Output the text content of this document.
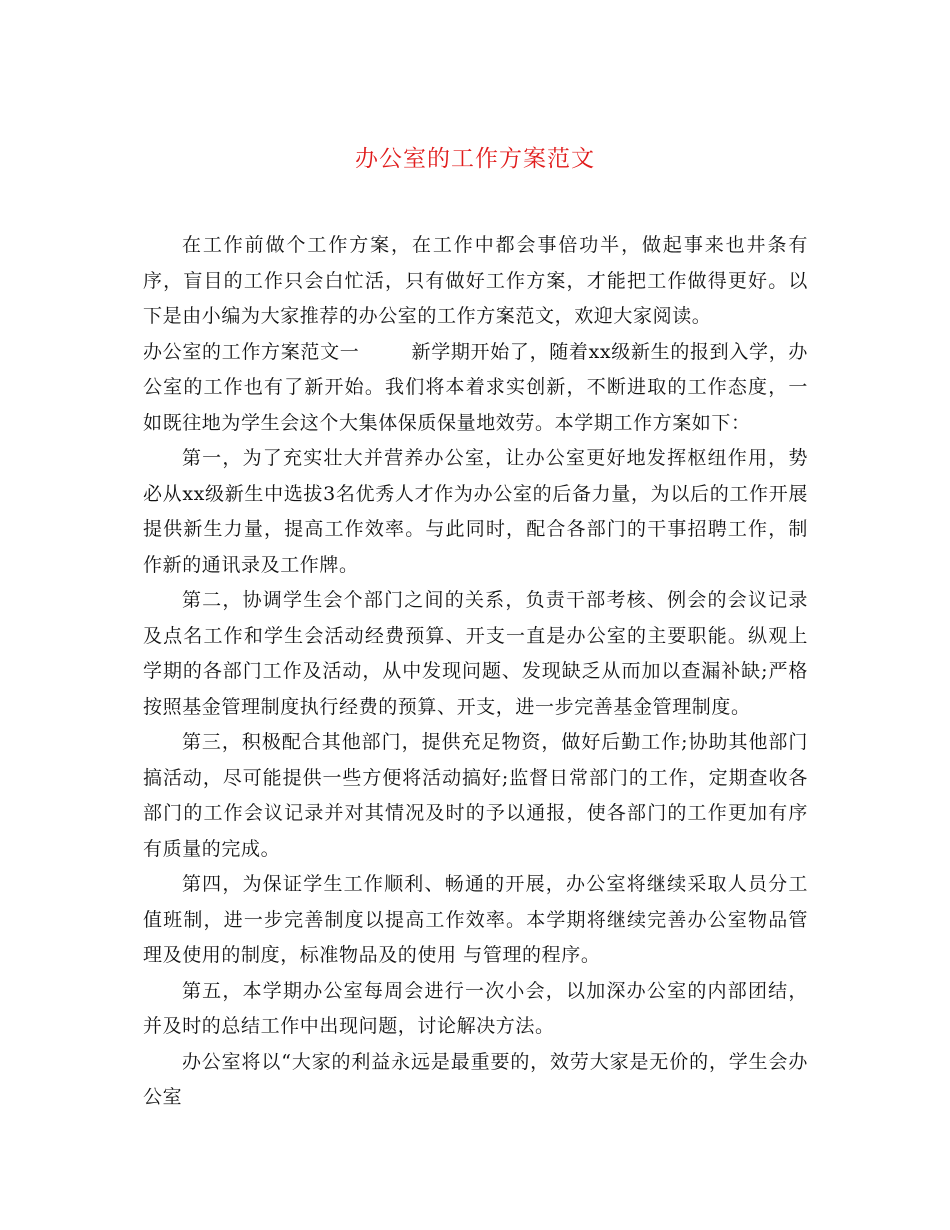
办公室的工作方案范文

在工作前做个工作方案，在工作中都会事倍功半，做起事来也井条有序，盲目的工作只会白忙活，只有做好工作方案，才能把工作做得更好。以下是由小编为大家推荐的办公室的工作方案范文，欢迎大家阅读。

办公室的工作方案范文一	新学期开始了，随着xx级新生的报到入学，办公室的工作也有了新开始。我们将本着求实创新，不断进取的工作态度，一如既往地为学生会这个大集体保质保量地效劳。本学期工作方案如下：

第一，为了充实壮大并营养办公室，让办公室更好地发挥枢纽作用，势必从xx级新生中选拔3名优秀人才作为办公室的后备力量，为以后的工作开展提供新生力量，提高工作效率。与此同时，配合各部门的干事招聘工作，制作新的通讯录及工作牌。

第二，协调学生会个部门之间的关系，负责干部考核、例会的会议记录及点名工作和学生会活动经费预算、开支一直是办公室的主要职能。纵观上学期的各部门工作及活动，从中发现问题、发现缺乏从而加以查漏补缺;严格按照基金管理制度执行经费的预算、开支，进一步完善基金管理制度。

第三，积极配合其他部门，提供充足物资，做好后勤工作;协助其他部门搞活动，尽可能提供一些方便将活动搞好;监督日常部门的工作，定期查收各部门的工作会议记录并对其情况及时的予以通报，使各部门的工作更加有序有质量的完成。

第四，为保证学生工作顺利、畅通的开展，办公室将继续采取人员分工值班制，进一步完善制度以提高工作效率。本学期将继续完善办公室物品管理及使用的制度，标准物品及的使用 与管理的程序。

第五，本学期办公室每周会进行一次小会，以加深办公室的内部团结，并及时的总结工作中出现问题，讨论解决方法。

办公室将以“大家的利益永远是最重要的，效劳大家是无价的，学生会办公室
